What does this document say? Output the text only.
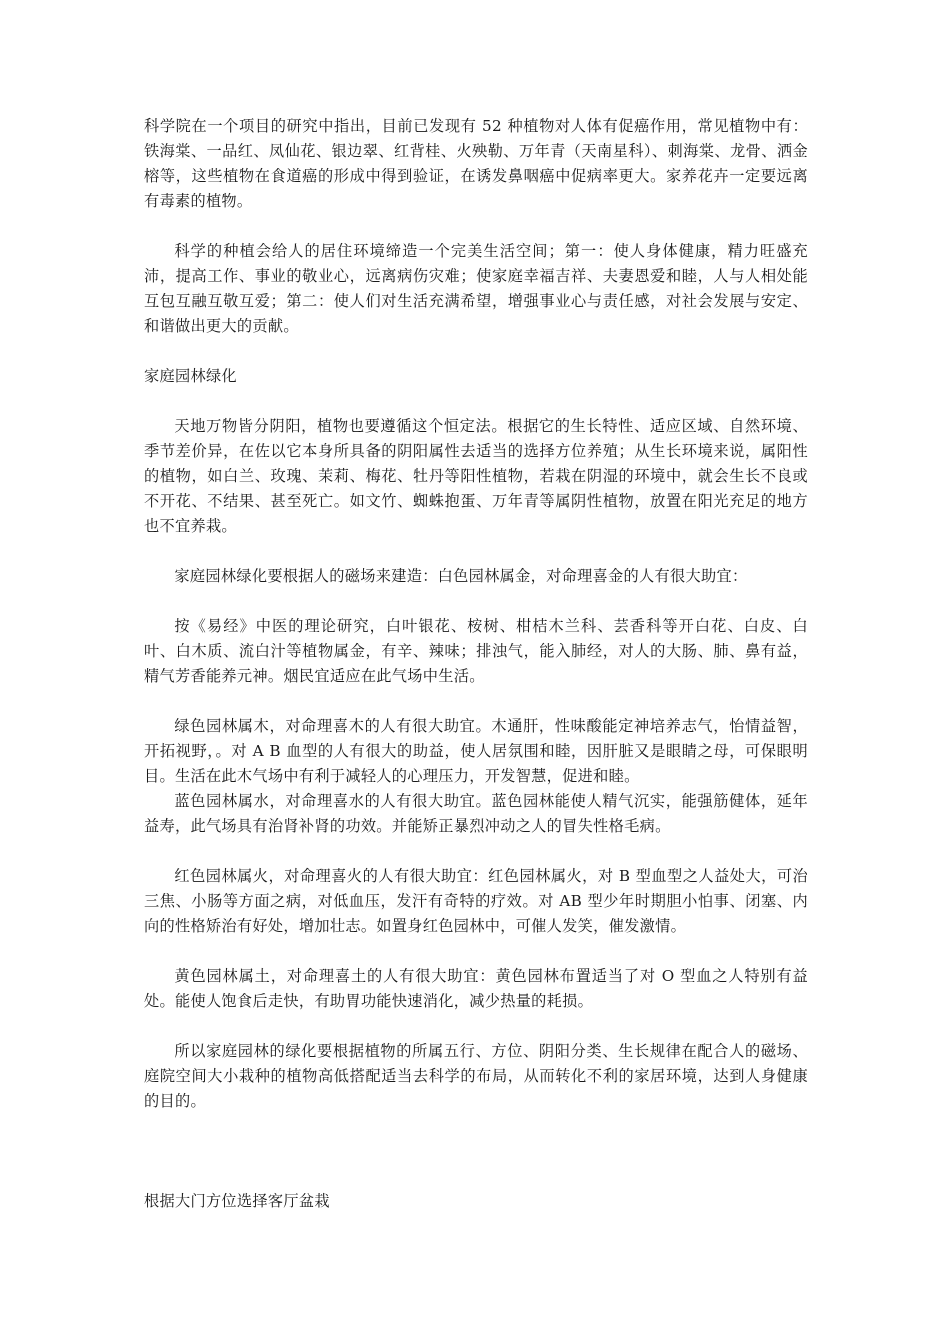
科学院在一个项目的研究中指出，目前已发现有 52 种植物对人体有促癌作用，常见植物中有：铁海棠、一品红、凤仙花、银边翠、红背桂、火殃勒、万年青（天南星科）、刺海棠、龙骨、洒金榕等，这些植物在食道癌的形成中得到验证，在诱发鼻咽癌中促病率更大。家养花卉一定要远离有毒素的植物。

科学的种植会给人的居住环境缔造一个完美生活空间；第一：使人身体健康，精力旺盛充沛，提高工作、事业的敬业心，远离病伤灾难；使家庭幸福吉祥、夫妻恩爱和睦，人与人相处能互包互融互敬互爱；第二：使人们对生活充满希望，增强事业心与责任感，对社会发展与安定、和谐做出更大的贡献。

家庭园林绿化

天地万物皆分阴阳，植物也要遵循这个恒定法。根据它的生长特性、适应区域、自然环境、季节差价异，在佐以它本身所具备的阴阳属性去适当的选择方位养殖；从生长环境来说，属阳性的植物，如白兰、玫瑰、茉莉、梅花、牡丹等阳性植物，若栽在阴湿的环境中，就会生长不良或不开花、不结果、甚至死亡。如文竹、蜘蛛抱蛋、万年青等属阴性植物，放置在阳光充足的地方也不宜养栽。

家庭园林绿化要根据人的磁场来建造：白色园林属金，对命理喜金的人有很大助宜：

按《易经》中医的理论研究，白叶银花、桉树、柑桔木兰科、芸香科等开白花、白皮、白叶、白木质、流白汁等植物属金，有辛、辣味；排浊气，能入肺经，对人的大肠、肺、鼻有益，精气芳香能养元神。烟民宜适应在此气场中生活。

绿色园林属木，对命理喜木的人有很大助宜。木通肝，性味酸能定神培养志气，怡情益智，开拓视野，。对 A B 血型的人有很大的助益，使人居氛围和睦，因肝脏又是眼睛之母，可保眼明目。生活在此木气场中有利于减轻人的心理压力，开发智慧，促进和睦。

蓝色园林属水，对命理喜水的人有很大助宜。蓝色园林能使人精气沉实，能强筋健体，延年益寿，此气场具有治肾补肾的功效。并能矫正暴烈冲动之人的冒失性格毛病。

红色园林属火，对命理喜火的人有很大助宜：红色园林属火，对 B 型血型之人益处大，可治三焦、小肠等方面之病，对低血压，发汗有奇特的疗效。对 AB 型少年时期胆小怕事、闭塞、内向的性格矫治有好处，增加壮志。如置身红色园林中，可催人发笑，催发激情。

黄色园林属土，对命理喜土的人有很大助宜：黄色园林布置适当了对 O 型血之人特别有益处。能使人饱食后走快，有助胃功能快速消化，减少热量的耗损。

所以家庭园林的绿化要根据植物的所属五行、方位、阴阳分类、生长规律在配合人的磁场、庭院空间大小栽种的植物高低搭配适当去科学的布局，从而转化不利的家居环境，达到人身健康的目的。

根据大门方位选择客厅盆栽
